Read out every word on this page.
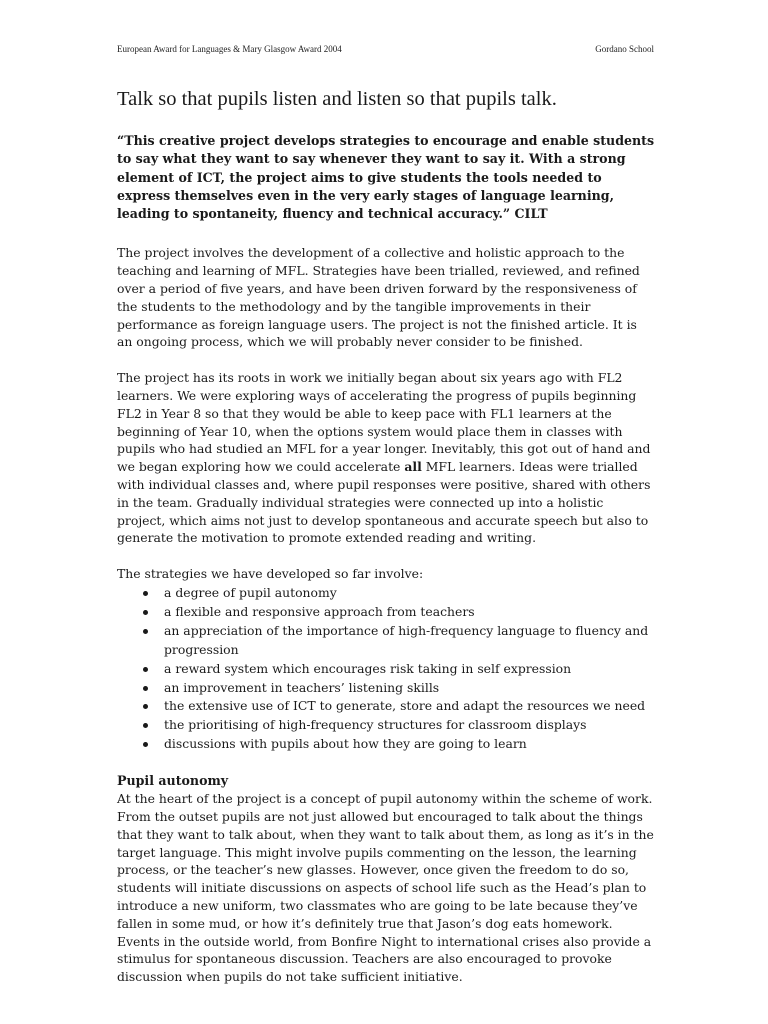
European Award for Languages & Mary Glasgow Award 2004	Gordano School
Talk so that pupils listen and listen so that pupils talk.

“This creative project develops strategies to encourage and enable students to say what they want to say whenever they want to say it. With a strong element of ICT, the project aims to give students the tools needed to express themselves even in the very early stages of language learning, leading to spontaneity, fluency and technical accuracy.” CILT

The project involves the development of a collective and holistic approach to the teaching and learning of MFL. Strategies have been trialled, reviewed, and refined over a period of five years, and have been driven forward by the responsiveness of the students to the methodology and by the tangible improvements in their performance as foreign language users. The project is not the finished article. It is an ongoing process, which we will probably never consider to be finished.

The project has its roots in work we initially began about six years ago with FL2 learners. We were exploring ways of accelerating the progress of pupils beginning FL2 in Year 8 so that they would be able to keep pace with FL1 learners at the beginning of Year 10, when the options system would place them in classes with pupils who had studied an MFL for a year longer. Inevitably, this got out of hand and we began exploring how we could accelerate all MFL learners. Ideas were trialled with individual classes and, where pupil responses were positive, shared with others in the team. Gradually individual strategies were connected up into a holistic project, which aims not just to develop spontaneous and accurate speech but also to generate the motivation to promote extended reading and writing.

The strategies we have developed so far involve:

a degree of pupil autonomy
a flexible and responsive approach from teachers
an appreciation of the importance of high-frequency language to fluency and progression
a reward system which encourages risk taking in self expression
an improvement in teachers’ listening skills
the extensive use of ICT to generate, store and adapt the resources we need
the prioritising of high-frequency structures for classroom displays
discussions with pupils about how they are going to learn
Pupil autonomy

At the heart of the project is a concept of pupil autonomy within the scheme of work. From the outset pupils are not just allowed but encouraged to talk about the things that they want to talk about, when they want to talk about them, as long as it’s in the target language. This might involve pupils commenting on the lesson, the learning process, or the teacher’s new glasses. However, once given the freedom to do so, students will initiate discussions on aspects of school life such as the Head’s plan to introduce a new uniform, two classmates who are going to be late because they’ve fallen in some mud, or how it’s definitely true that Jason’s dog eats homework. Events in the outside world, from Bonfire Night to international crises also provide a stimulus for spontaneous discussion. Teachers are also encouraged to provoke discussion when pupils do not take sufficient initiative.
